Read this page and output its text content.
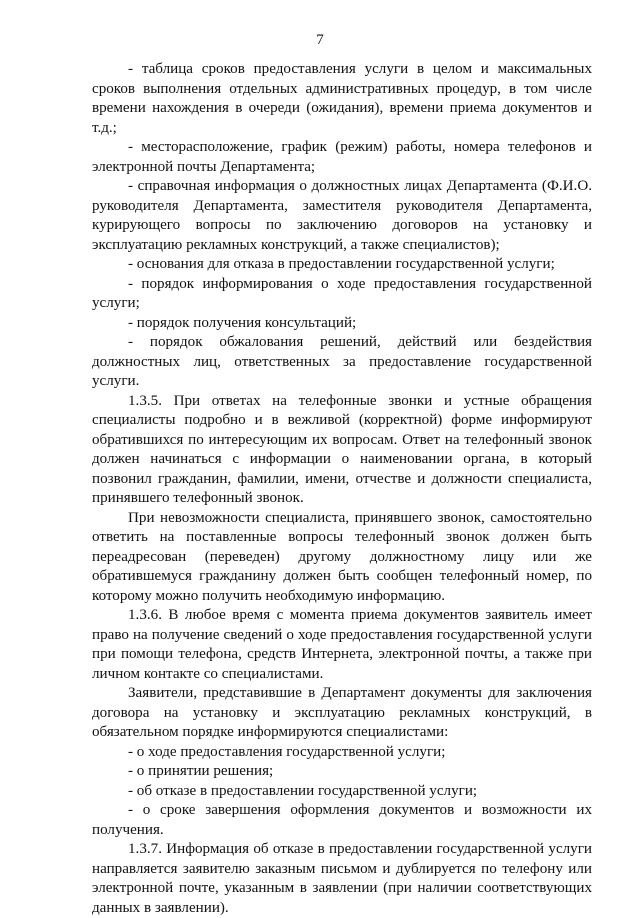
7

- таблица сроков предоставления услуги в целом и максимальных сроков выполнения отдельных административных процедур, в том числе времени нахождения в очереди (ожидания), времени приема документов и т.д.;

- месторасположение, график (режим) работы, номера телефонов и электронной почты Департамента;

- справочная информация о должностных лицах Департамента (Ф.И.О. руководителя Департамента, заместителя руководителя Департамента, курирующего вопросы по заключению договоров на установку и эксплуатацию рекламных конструкций, а также специалистов);

- основания для отказа в предоставлении государственной услуги;

- порядок информирования о ходе предоставления государственной услуги;

- порядок получения консультаций;

- порядок обжалования решений, действий или бездействия должностных лиц, ответственных за предоставление государственной услуги.

1.3.5. При ответах на телефонные звонки и устные обращения специалисты подробно и в вежливой (корректной) форме информируют обратившихся по интересующим их вопросам. Ответ на телефонный звонок должен начинаться с информации о наименовании органа, в который позвонил гражданин, фамилии, имени, отчестве и должности специалиста, принявшего телефонный звонок.

При невозможности специалиста, принявшего звонок, самостоятельно ответить на поставленные вопросы телефонный звонок должен быть переадресован (переведен) другому должностному лицу или же обратившемуся гражданину должен быть сообщен телефонный номер, по которому можно получить необходимую информацию.

1.3.6. В любое время с момента приема документов заявитель имеет право на получение сведений о ходе предоставления государственной услуги при помощи телефона, средств Интернета, электронной почты, а также при личном контакте со специалистами.

Заявители, представившие в Департамент документы для заключения договора на установку и эксплуатацию рекламных конструкций, в обязательном порядке информируются специалистами:

- о ходе предоставления государственной услуги;

- о принятии решения;

- об отказе в предоставлении государственной услуги;

- о сроке завершения оформления документов и возможности их получения.

1.3.7. Информация об отказе в предоставлении государственной услуги направляется заявителю заказным письмом и дублируется по телефону или электронной почте, указанным в заявлении (при наличии соответствующих данных в заявлении).
